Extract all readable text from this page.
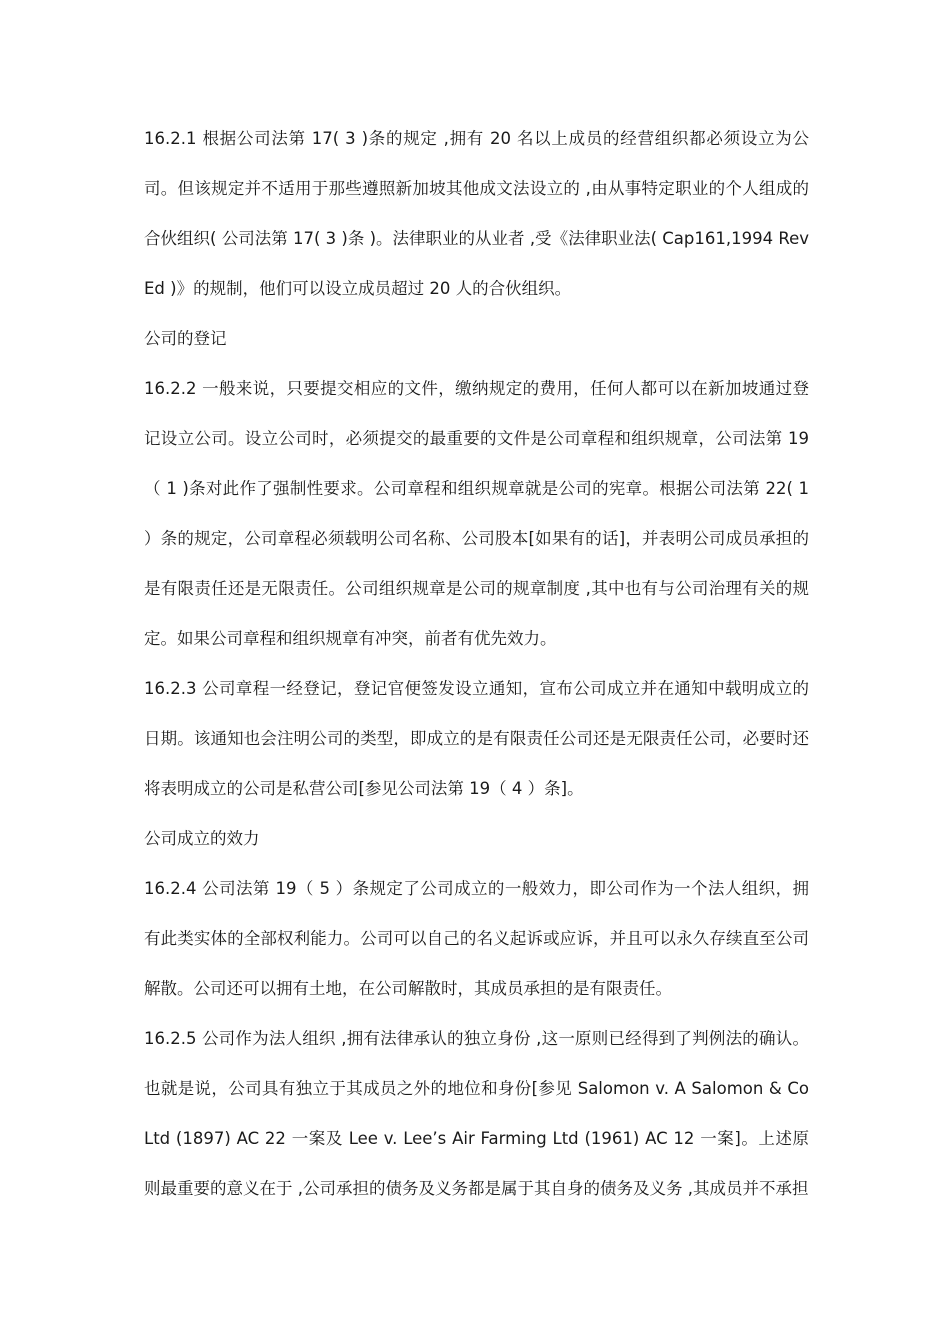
16.2.1 根据公司法第 17( 3 )条的规定 ,拥有 20 名以上成员的经营组织都必须设立为公司。但该规定并不适用于那些遵照新加坡其他成文法设立的 ,由从事特定职业的个人组成的合伙组织( 公司法第 17( 3 )条 )。法律职业的从业者 ,受《法律职业法( Cap161,1994 Rev Ed )》的规制，他们可以设立成员超过 20 人的合伙组织。

公司的登记

16.2.2 一般来说，只要提交相应的文件，缴纳规定的费用，任何人都可以在新加坡通过登记设立公司。设立公司时，必须提交的最重要的文件是公司章程和组织规章，公司法第 19（ 1 )条对此作了强制性要求。公司章程和组织规章就是公司的宪章。根据公司法第 22( 1 ）条的规定，公司章程必须载明公司名称、公司股本[如果有的话]，并表明公司成员承担的是有限责任还是无限责任。公司组织规章是公司的规章制度 ,其中也有与公司治理有关的规定。如果公司章程和组织规章有冲突，前者有优先效力。

16.2.3 公司章程一经登记，登记官便签发设立通知，宣布公司成立并在通知中载明成立的日期。该通知也会注明公司的类型，即成立的是有限责任公司还是无限责任公司，必要时还将表明成立的公司是私营公司[参见公司法第 19（ 4 ）条]。

公司成立的效力

16.2.4 公司法第 19（ 5 ）条规定了公司成立的一般效力，即公司作为一个法人组织，拥有此类实体的全部权利能力。公司可以自己的名义起诉或应诉，并且可以永久存续直至公司解散。公司还可以拥有土地，在公司解散时，其成员承担的是有限责任。

16.2.5 公司作为法人组织 ,拥有法律承认的独立身份 ,这一原则已经得到了判例法的确认。也就是说，公司具有独立于其成员之外的地位和身份[参见 Salomon v. A Salomon & Co Ltd (1897) AC 22 一案及 Lee v. Lee’s Air Farming Ltd (1961) AC 12 一案]。上述原则最重要的意义在于 ,公司承担的债务及义务都是属于其自身的债务及义务 ,其成员并不承担
